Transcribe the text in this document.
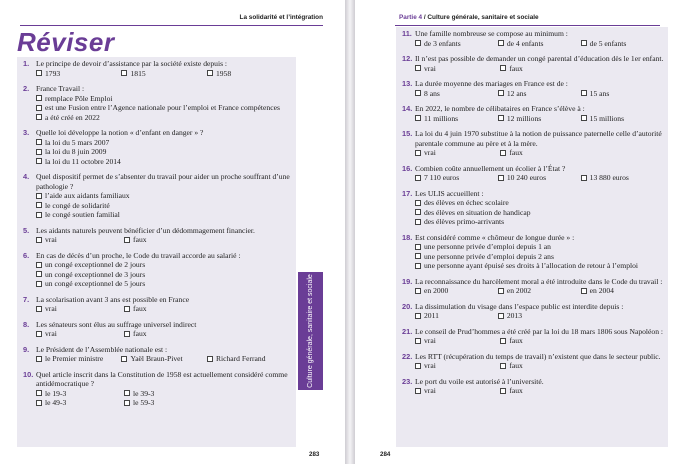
La solidarité et l’intégration
Réviser
1. Le principe de devoir d’assistance par la société existe depuis :
1793	1815	1958
2. France Travail :
remplace Pôle Emploi
est une Fusion entre l’Agence nationale pour l’emploi et France compétences
a été créé en 2022
3. Quelle loi développe la notion « d’enfant en danger » ?
la loi du 5 mars 2007
la loi du 8 juin 2009
la loi du 11 octobre 2014
4. Quel dispositif permet de s’absenter du travail pour aider un proche souffrant d’une pathologie ?
l’aide aux aidants familiaux
le congé de solidarité
le congé soutien familial
5. Les aidants naturels peuvent bénéficier d’un dédommagement financier.
vrai	faux
6. En cas de décès d’un proche, le Code du travail accorde au salarié :
un congé exceptionnel de 2 jours
un congé exceptionnel de 3 jours
un congé exceptionnel de 5 jours
7. La scolarisation avant 3 ans est possible en France
vrai	faux
8. Les sénateurs sont élus au suffrage universel indirect
vrai	faux
9. Le Président de l’Assemblée nationale est :
le Premier ministre	Yaël Braun-Pivet	Richard Ferrand
10. Quel article inscrit dans la Constitution de 1958 est actuellement considéré comme antidémocratique ?
le 19-3	le 39-3
le 49-3	le 59-3
Culture générale, sanitaire et sociale
283
Partie 4 / Culture générale, sanitaire et sociale
11. Une famille nombreuse se compose au minimum :
de 3 enfants	de 4 enfants	de 5 enfants
12. Il n’est pas possible de demander un congé parental d’éducation dès le 1er enfant.
vrai	faux
13. La durée moyenne des mariages en France est de :
8 ans	12 ans	15 ans
14. En 2022, le nombre de célibataires en France s’élève à :
11 millions	12 millions	15 millions
15. La loi du 4 juin 1970 substitue à la notion de puissance paternelle celle d’autorité parentale commune au père et à la mère.
vrai	faux
16. Combien coûte annuellement un écolier à l’État ?
7 110 euros	10 240 euros	13 880 euros
17. Les ULIS accueillent :
des élèves en échec scolaire
des élèves en situation de handicap
des élèves primo-arrivants
18. Est considéré comme « chômeur de longue durée » :
une personne privée d’emploi depuis 1 an
une personne privée d’emploi depuis 2 ans
une personne ayant épuisé ses droits à l’allocation de retour à l’emploi
19. La reconnaissance du harcèlement moral a été introduite dans le Code du travail :
en 2000	en 2002	en 2004
20. La dissimulation du visage dans l’espace public est interdite depuis :
2011	2013
21. Le conseil de Prud’hommes a été créé par la loi du 18 mars 1806 sous Napoléon :
vrai	faux
22. Les RTT (récupération du temps de travail) n’existent que dans le secteur public.
vrai	faux
23. Le port du voile est autorisé à l’université.
vrai	faux
284
